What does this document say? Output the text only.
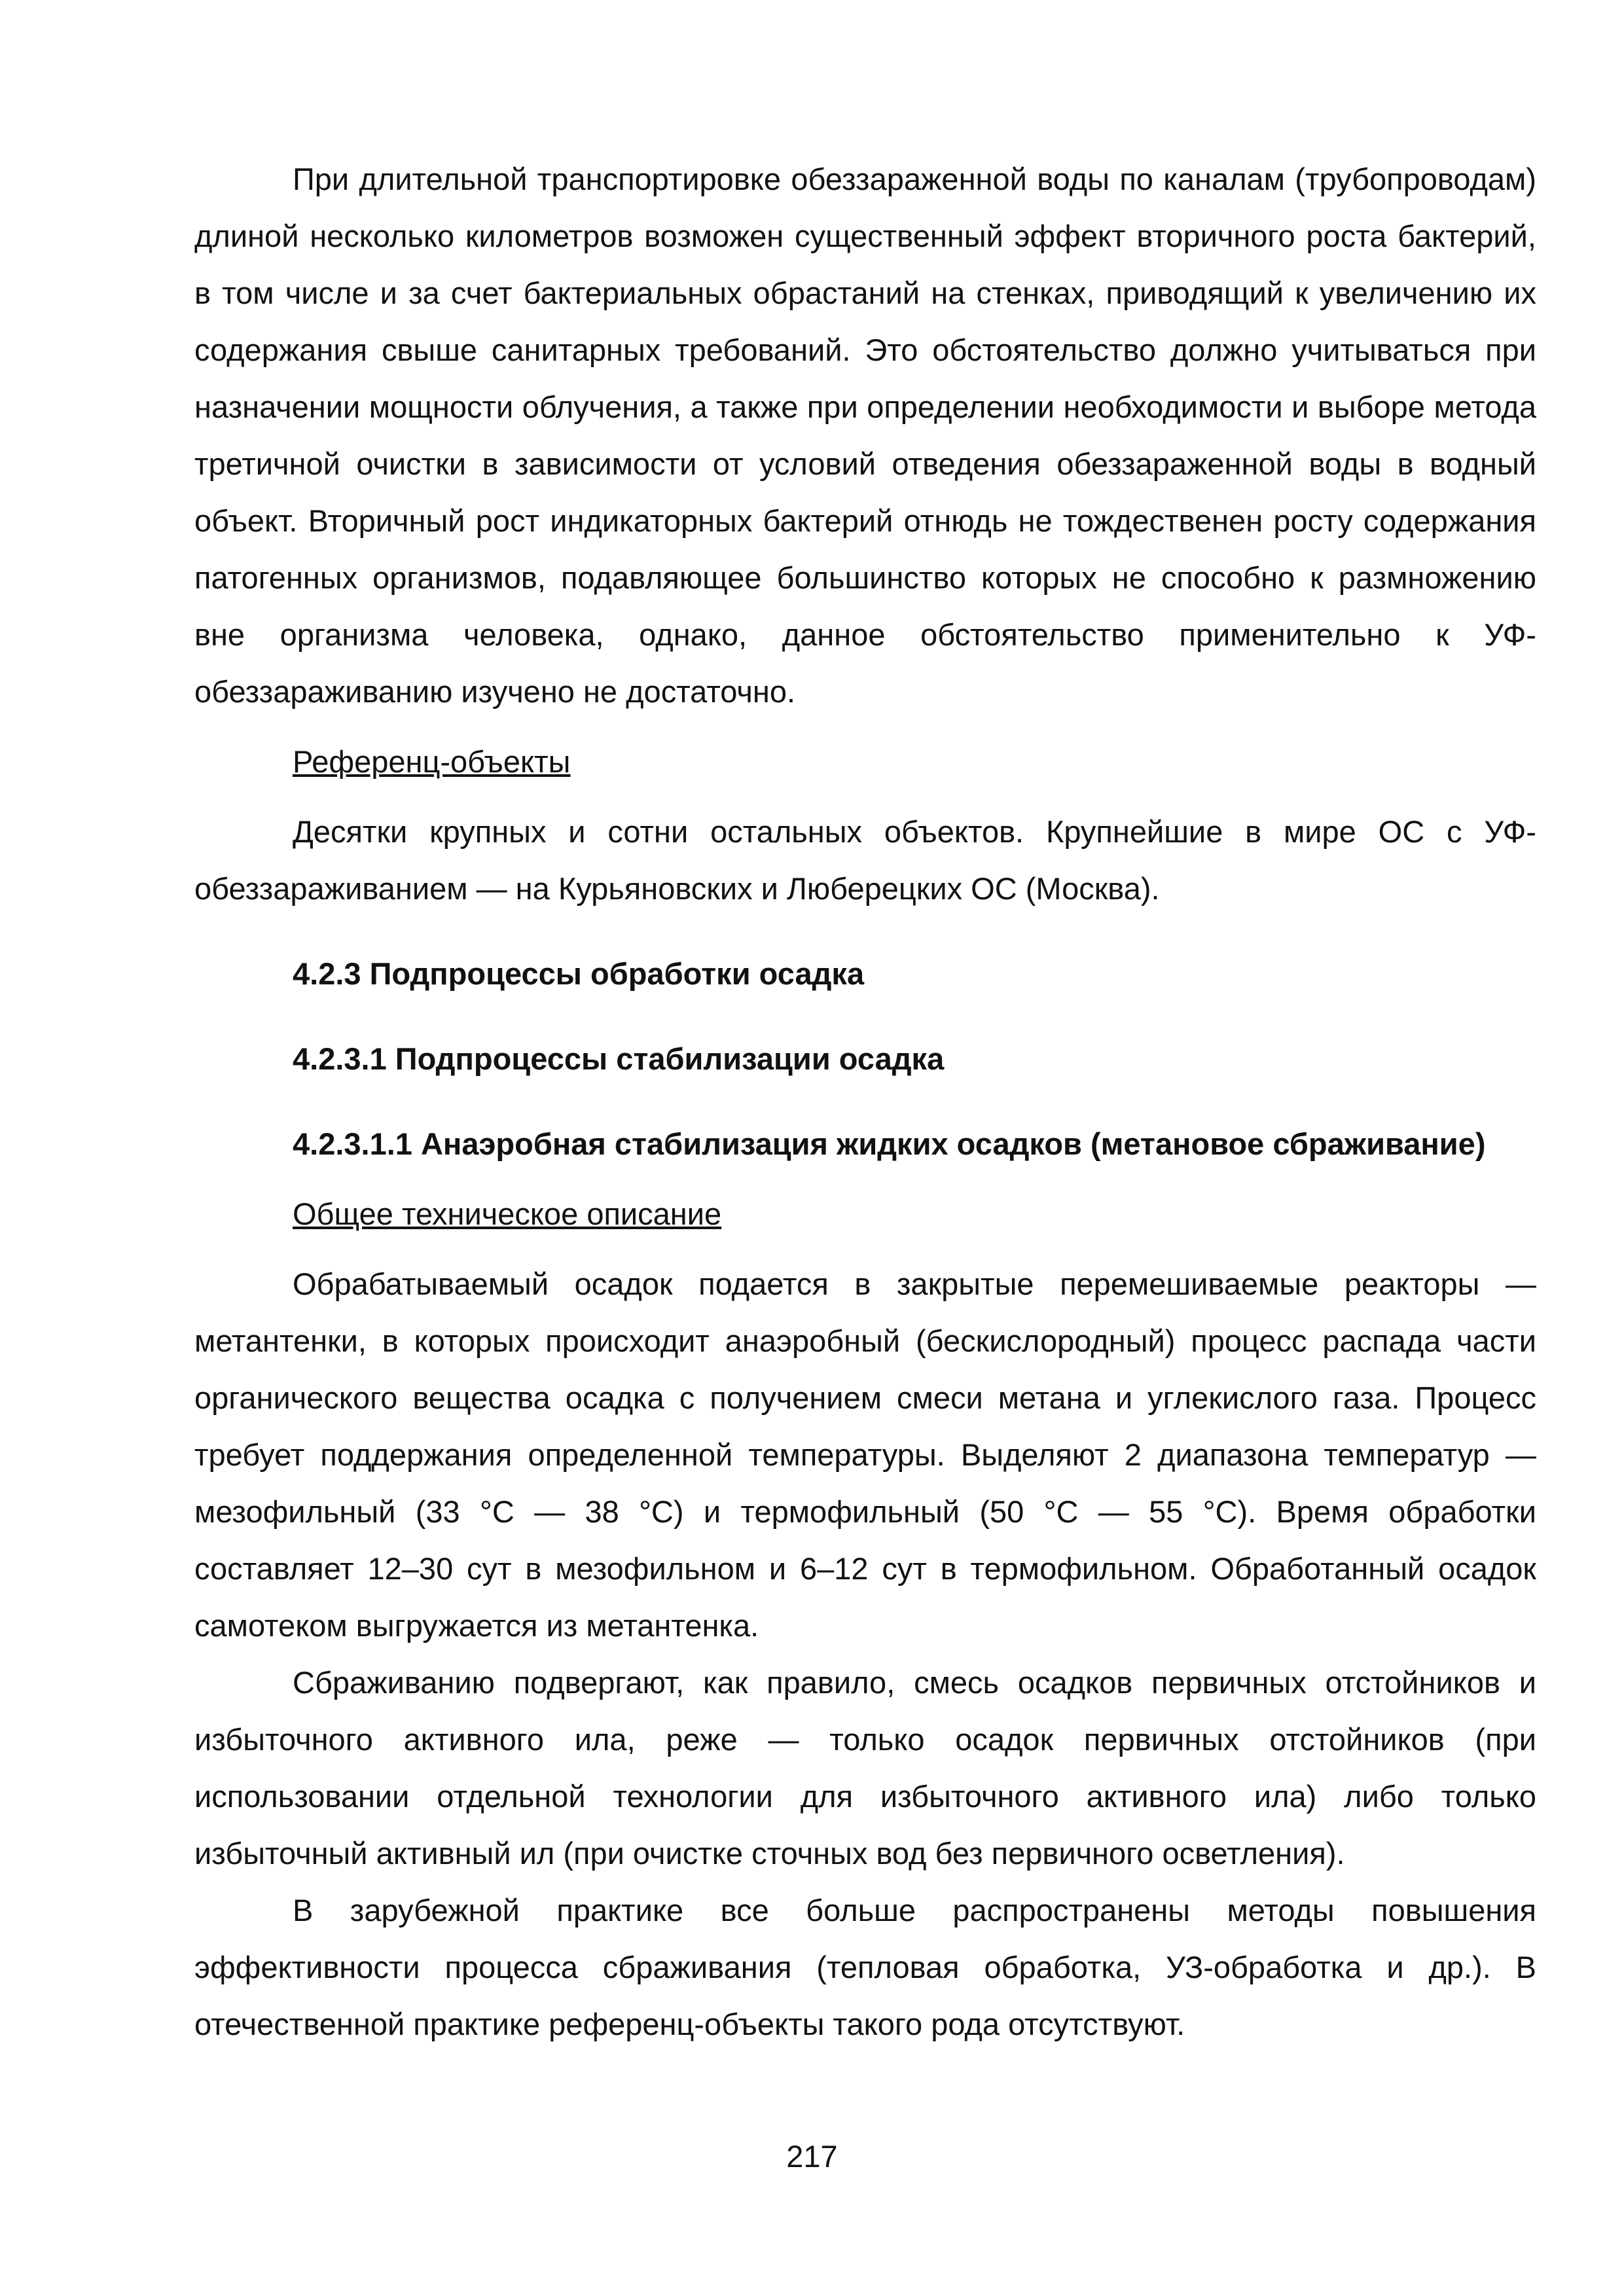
При длительной транспортировке обеззараженной воды по каналам (трубопроводам) длиной несколько километров возможен существенный эффект вторичного роста бактерий, в том числе и за счет бактериальных обрастаний на стенках, приводящий к увеличению их содержания свыше санитарных требований. Это обстоятельство должно учитываться при назначении мощности облучения, а также при определении необходимости и выборе метода третичной очистки в зависимости от условий отведения обеззараженной воды в водный объект. Вторичный рост индикаторных бактерий отнюдь не тождественен росту содержания патогенных организмов, подавляющее большинство которых не способно к размножению вне организма человека, однако, данное обстоятельство применительно к УФ-обеззараживанию изучено не достаточно.

Референц-объекты

Десятки крупных и сотни остальных объектов. Крупнейшие в мире ОС с УФ-обеззараживанием — на Курьяновских и Люберецких ОС (Москва).

4.2.3 Подпроцессы обработки осадка

4.2.3.1 Подпроцессы стабилизации осадка

4.2.3.1.1 Анаэробная стабилизация жидких осадков (метановое сбраживание)

Общее техническое описание

Обрабатываемый осадок подается в закрытые перемешиваемые реакторы — метантенки, в которых происходит анаэробный (бескислородный) процесс распада части органического вещества осадка с получением смеси метана и углекислого газа. Процесс требует поддержания определенной температуры. Выделяют 2 диапазона температур — мезофильный (33 °С — 38 °С) и термофильный (50 °С — 55 °С). Время обработки составляет 12–30 сут в мезофильном и 6–12 сут в термофильном. Обработанный осадок самотеком выгружается из метантенка.

Сбраживанию подвергают, как правило, смесь осадков первичных отстойников и избыточного активного ила, реже — только осадок первичных отстойников (при использовании отдельной технологии для избыточного активного ила) либо только избыточный активный ил (при очистке сточных вод без первичного осветления).

В зарубежной практике все больше распространены методы повышения эффективности процесса сбраживания (тепловая обработка, УЗ-обработка и др.). В отечественной практике референц-объекты такого рода отсутствуют.

217
